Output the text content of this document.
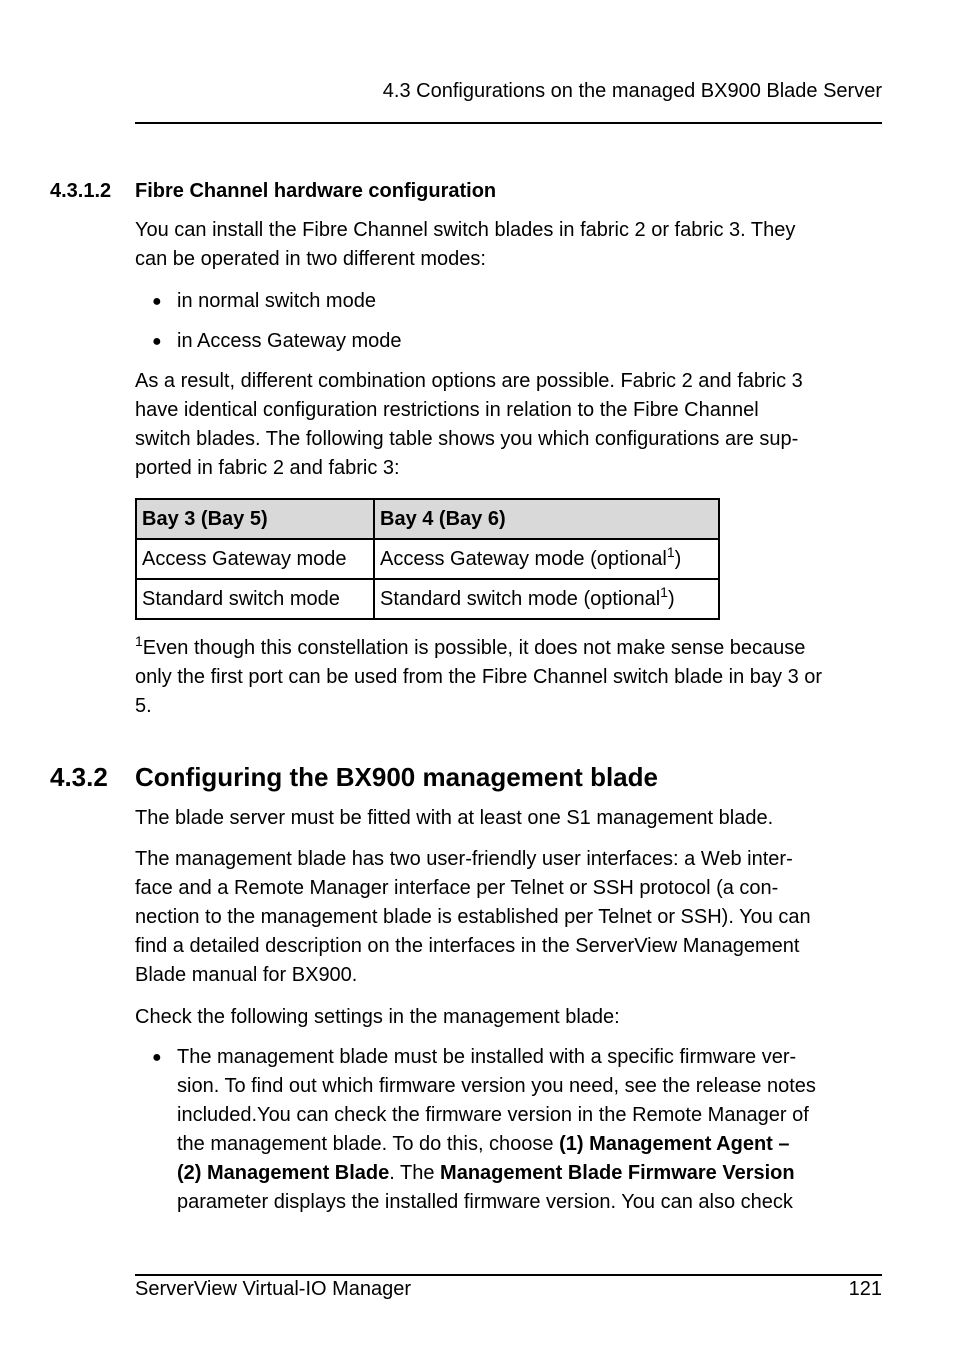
4.3 Configurations on the managed BX900 Blade Server
4.3.1.2 Fibre Channel hardware configuration
You can install the Fibre Channel switch blades in fabric 2 or fabric 3. They
can be operated in two different modes:
● in normal switch mode
● in Access Gateway mode
As a result, different combination options are possible. Fabric 2 and fabric 3
have identical configuration restrictions in relation to the Fibre Channel
switch blades. The following table shows you which configurations are sup-
ported in fabric 2 and fabric 3:
Bay 3 (Bay 5)	Bay 4 (Bay 6)
Access Gateway mode	Access Gateway mode (optional$^1$)
Standard switch mode	Standard switch mode (optional$^1$)
$^1$Even though this constellation is possible, it does not make sense because
only the first port can be used from the Fibre Channel switch blade in bay 3 or
5.
4.3.2 Configuring the BX900 management blade
The blade server must be fitted with at least one S1 management blade.
The management blade has two user-friendly user interfaces: a Web inter-
face and a Remote Manager interface per Telnet or SSH protocol (a con-
nection to the management blade is established per Telnet or SSH). You can
find a detailed description on the interfaces in the ServerView Management
Blade manual for BX900.
Check the following settings in the management blade:
● The management blade must be installed with a specific firmware ver-
sion. To find out which firmware version you need, see the release notes
included.You can check the firmware version in the Remote Manager of
the management blade. To do this, choose (1) Management Agent –
(2) Management Blade. The Management Blade Firmware Version
parameter displays the installed firmware version. You can also check
ServerView Virtual-IO Manager	121
